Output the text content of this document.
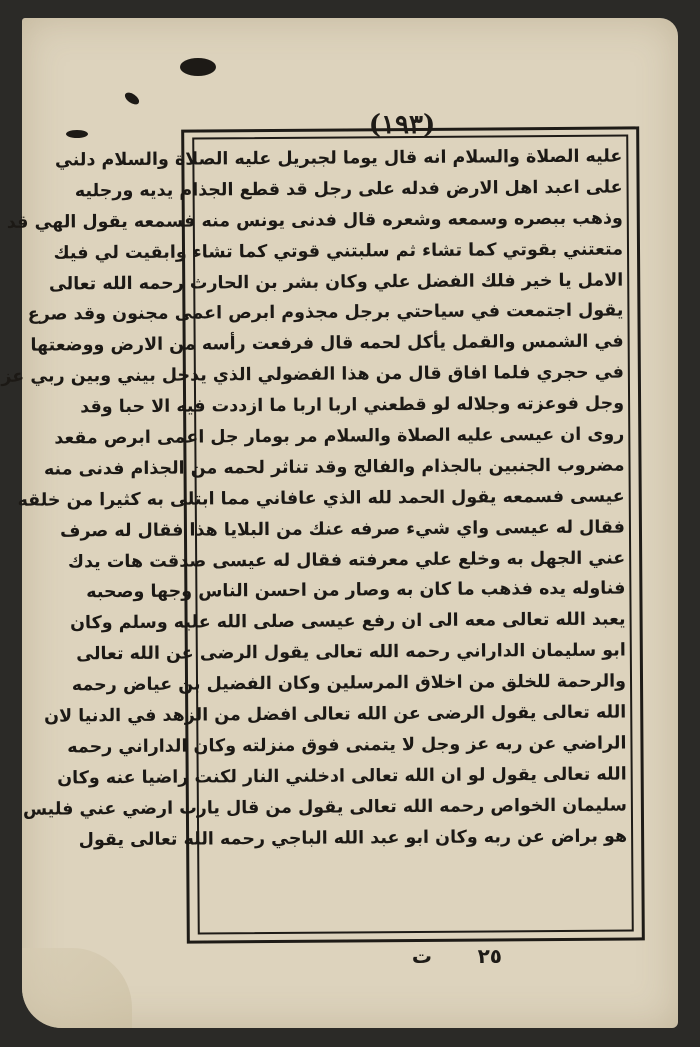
(١٩٣)
عليه الصلاة والسلام انه قال يوما لجبريل عليه الصلاة والسلام دلني
على اعبد اهل الارض فدله على رجل قد قطع الجذام يديه ورجليه
وذهب ببصره وسمعه وشعره قال فدنى يونس منه فسمعه يقول الهي قد
متعتني بقوتي كما تشاء ثم سلبتني قوتي كما تشاء وابقيت لي فيك
الامل يا خير فلك الفضل علي وكان بشر بن الحارث رحمه الله تعالى
يقول اجتمعت في سياحتي برجل مجذوم ابرص اعمى مجنون وقد صرع
في الشمس والقمل يأكل لحمه قال فرفعت رأسه من الارض ووضعتها
في حجري فلما افاق قال من هذا الفضولي الذي يدخل بيني وبين ربي عز
وجل فوعزته وجلاله لو قطعني اربا اربا ما ازددت فيه الا حبا وقد
روى ان عيسى عليه الصلاة والسلام مر بومار جل اعمى ابرص مقعد
مضروب الجنبين بالجذام والفالج وقد تناثر لحمه من الجذام فدنى منه
عيسى فسمعه يقول الحمد لله الذي عافاني مما ابتلى به كثيرا من خلقه
فقال له عيسى واي شيء صرفه عنك من البلايا هذا فقال له صرف
عني الجهل به وخلع علي معرفته فقال له عيسى صدقت هات يدك
فناوله يده فذهب ما كان به وصار من احسن الناس وجها وصحبه
يعبد الله تعالى معه الى ان رفع عيسى صلى الله عليه وسلم وكان
ابو سليمان الداراني رحمه الله تعالى يقول الرضى عن الله تعالى
والرحمة للخلق من اخلاق المرسلين وكان الفضيل بن عياض رحمه
الله تعالى يقول الرضى عن الله تعالى افضل من الزهد في الدنيا لان
الراضي عن ربه عز وجل لا يتمنى فوق منزلته وكان الداراني رحمه
الله تعالى يقول لو ان الله تعالى ادخلني النار لكنت راضيا عنه وكان
سليمان الخواص رحمه الله تعالى يقول من قال يارب ارضي عني فليس
هو براض عن ربه وكان ابو عبد الله الباجي رحمه الله تعالى يقول
٢٥
ت
